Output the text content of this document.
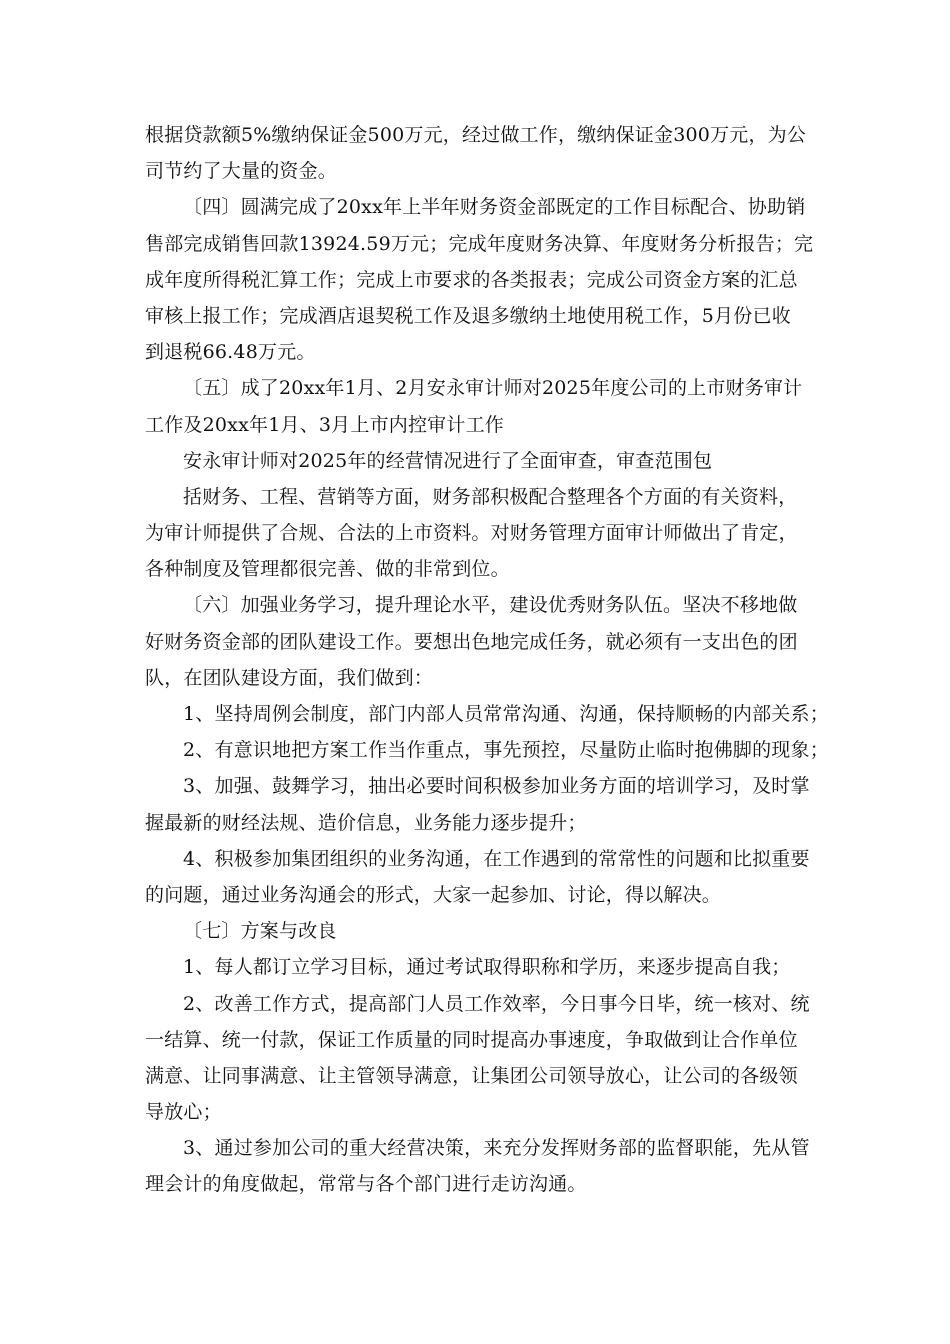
根据贷款额5%缴纳保证金500万元，经过做工作，缴纳保证金300万元，为公
司节约了大量的资金。
〔四〕圆满完成了20xx年上半年财务资金部既定的工作目标配合、协助销
售部完成销售回款13924.59万元；完成年度财务决算、年度财务分析报告；完
成年度所得税汇算工作；完成上市要求的各类报表；完成公司资金方案的汇总
审核上报工作；完成酒店退契税工作及退多缴纳土地使用税工作，5月份已收
到退税66.48万元。
〔五〕成了20xx年1月、2月安永审计师对2025年度公司的上市财务审计
工作及20xx年1月、3月上市内控审计工作
安永审计师对2025年的经营情况进行了全面审查，审查范围包
括财务、工程、营销等方面，财务部积极配合整理各个方面的有关资料，
为审计师提供了合规、合法的上市资料。对财务管理方面审计师做出了肯定，
各种制度及管理都很完善、做的非常到位。
〔六〕加强业务学习，提升理论水平，建设优秀财务队伍。坚决不移地做
好财务资金部的团队建设工作。要想出色地完成任务，就必须有一支出色的团
队，在团队建设方面，我们做到：
1、坚持周例会制度，部门内部人员常常沟通、沟通，保持顺畅的内部关系；
2、有意识地把方案工作当作重点，事先预控，尽量防止临时抱佛脚的现象；
3、加强、鼓舞学习，抽出必要时间积极参加业务方面的培训学习，及时掌
握最新的财经法规、造价信息，业务能力逐步提升；
4、积极参加集团组织的业务沟通，在工作遇到的常常性的问题和比拟重要
的问题，通过业务沟通会的形式，大家一起参加、讨论，得以解决。
〔七〕方案与改良
1、每人都订立学习目标，通过考试取得职称和学历，来逐步提高自我；
2、改善工作方式，提高部门人员工作效率，今日事今日毕，统一核对、统
一结算、统一付款，保证工作质量的同时提高办事速度，争取做到让合作单位
满意、让同事满意、让主管领导满意，让集团公司领导放心，让公司的各级领
导放心；
3、通过参加公司的重大经营决策，来充分发挥财务部的监督职能，先从管
理会计的角度做起，常常与各个部门进行走访沟通。
